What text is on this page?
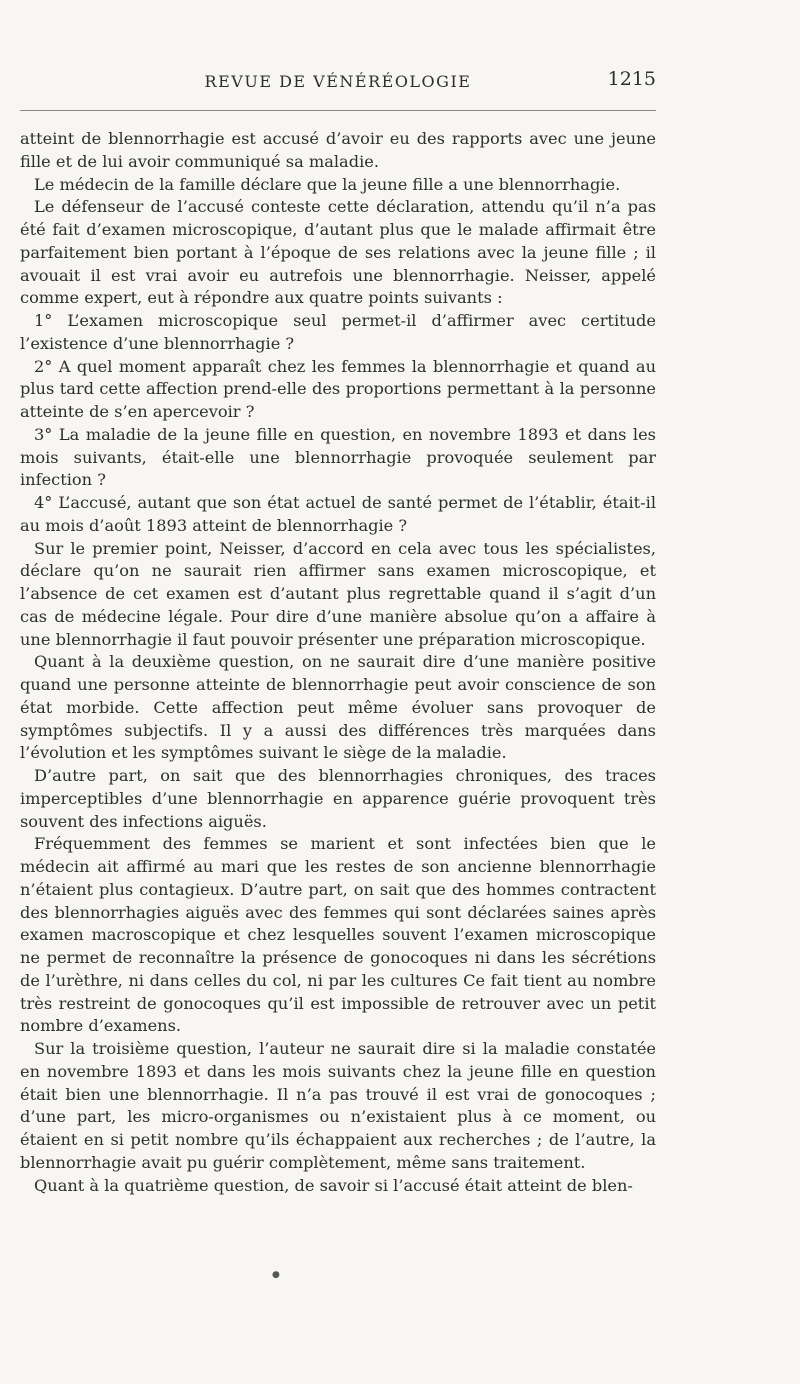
REVUE DE VÉNÉRÉOLOGIE	1215

atteint de blennorrhagie est accusé d’avoir eu des rapports avec une jeune fille et de lui avoir communiqué sa maladie.

Le médecin de la famille déclare que la jeune fille a une blennorrhagie.

Le défenseur de l’accusé conteste cette déclaration, attendu qu’il n’a pas été fait d’examen microscopique, d’autant plus que le malade affirmait être parfaitement bien portant à l’époque de ses relations avec la jeune fille ; il avouait il est vrai avoir eu autrefois une blennorrhagie. Neisser, appelé comme expert, eut à répondre aux quatre points suivants :

1° L’examen microscopique seul permet-il d’affirmer avec certitude l’existence d’une blennorrhagie ?

2° A quel moment apparaît chez les femmes la blennorrhagie et quand au plus tard cette affection prend-elle des proportions permettant à la personne atteinte de s’en apercevoir ?

3° La maladie de la jeune fille en question, en novembre 1893 et dans les mois suivants, était-elle une blennorrhagie provoquée seulement par infection ?

4° L’accusé, autant que son état actuel de santé permet de l’établir, était-il au mois d’août 1893 atteint de blennorrhagie ?

Sur le premier point, Neisser, d’accord en cela avec tous les spécialistes, déclare qu’on ne saurait rien affirmer sans examen microscopique, et l’absence de cet examen est d’autant plus regrettable quand il s’agit d’un cas de médecine légale. Pour dire d’une manière absolue qu’on a affaire à une blennorrhagie il faut pouvoir présenter une préparation microscopique.

Quant à la deuxième question, on ne saurait dire d’une manière positive quand une personne atteinte de blennorrhagie peut avoir conscience de son état morbide. Cette affection peut même évoluer sans provoquer de symptômes subjectifs. Il y a aussi des différences très marquées dans l’évolution et les symptômes suivant le siège de la maladie.

D’autre part, on sait que des blennorrhagies chroniques, des traces imperceptibles d’une blennorrhagie en apparence guérie provoquent très souvent des infections aiguës.

Fréquemment des femmes se marient et sont infectées bien que le médecin ait affirmé au mari que les restes de son ancienne blennorrhagie n’étaient plus contagieux. D’autre part, on sait que des hommes contractent des blennorrhagies aiguës avec des femmes qui sont déclarées saines après examen macroscopique et chez lesquelles souvent l’examen microscopique ne permet de reconnaître la présence de gonocoques ni dans les sécrétions de l’urèthre, ni dans celles du col, ni par les cultures Ce fait tient au nombre très restreint de gonocoques qu’il est impossible de retrouver avec un petit nombre d’examens.

Sur la troisième question, l’auteur ne saurait dire si la maladie constatée en novembre 1893 et dans les mois suivants chez la jeune fille en question était bien une blennorrhagie. Il n’a pas trouvé il est vrai de gonocoques ; d’une part, les micro-organismes ou n’existaient plus à ce moment, ou étaient en si petit nombre qu’ils échappaient aux recherches ; de l’autre, la blennorrhagie avait pu guérir complètement, même sans traitement.

Quant à la quatrième question, de savoir si l’accusé était atteint de blen-

●
